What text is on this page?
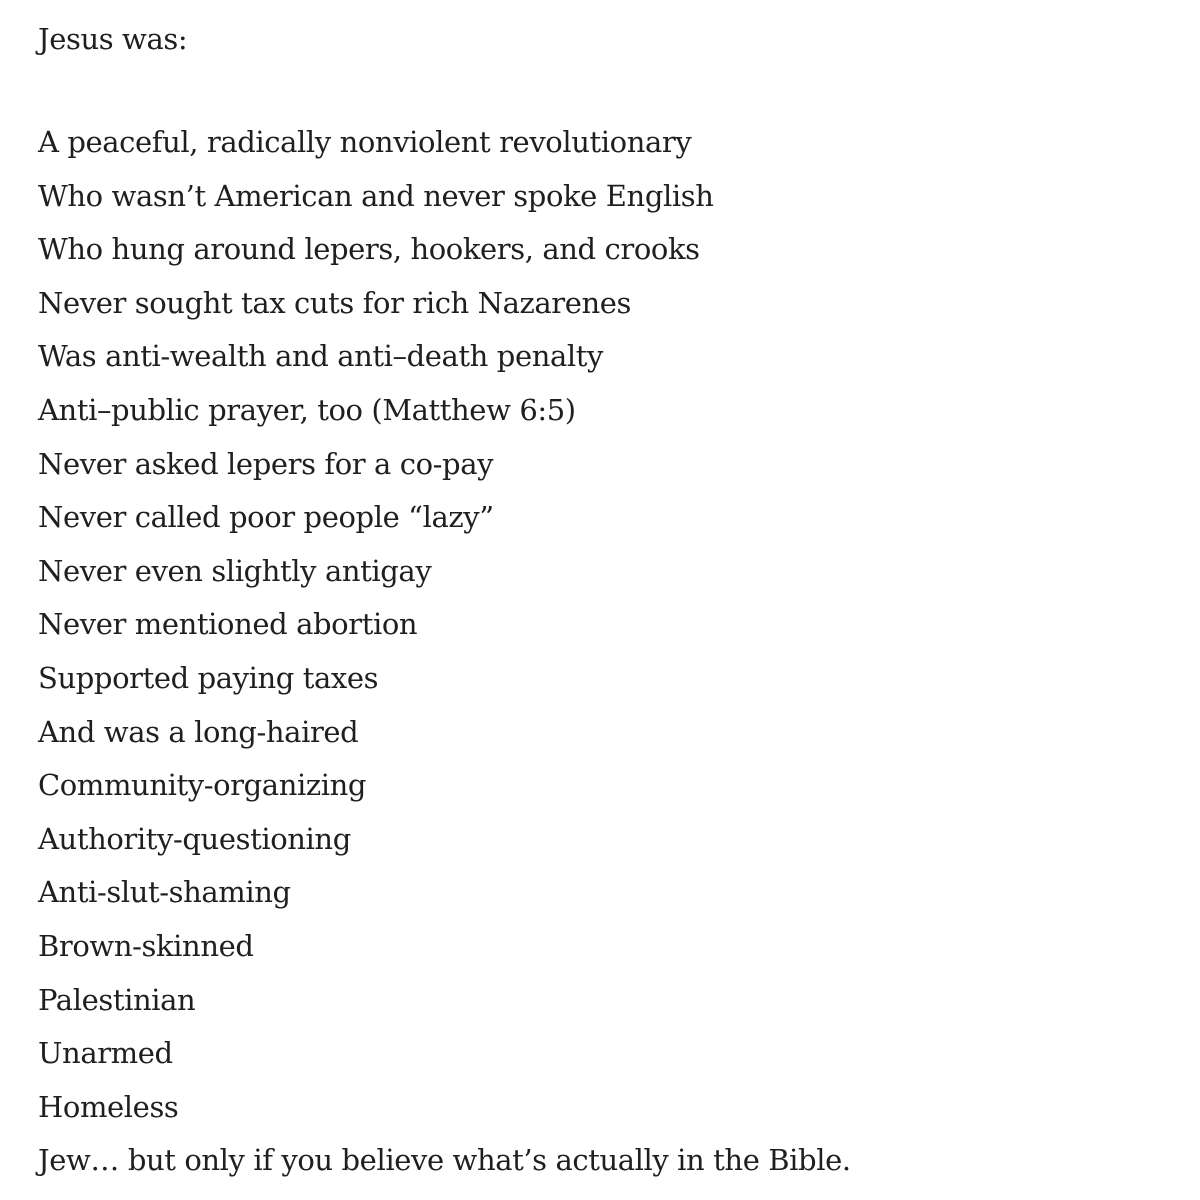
Jesus was:

A peaceful, radically nonviolent revolutionary
Who wasn’t American and never spoke English
Who hung around lepers, hookers, and crooks
Never sought tax cuts for rich Nazarenes
Was anti-wealth and anti–death penalty
Anti–public prayer, too (Matthew 6:5)
Never asked lepers for a co-pay
Never called poor people “lazy”
Never even slightly antigay
Never mentioned abortion
Supported paying taxes
And was a long-haired
Community-organizing
Authority-questioning
Anti-slut-shaming
Brown-skinned
Palestinian
Unarmed
Homeless
Jew… but only if you believe what’s actually in the Bible.
